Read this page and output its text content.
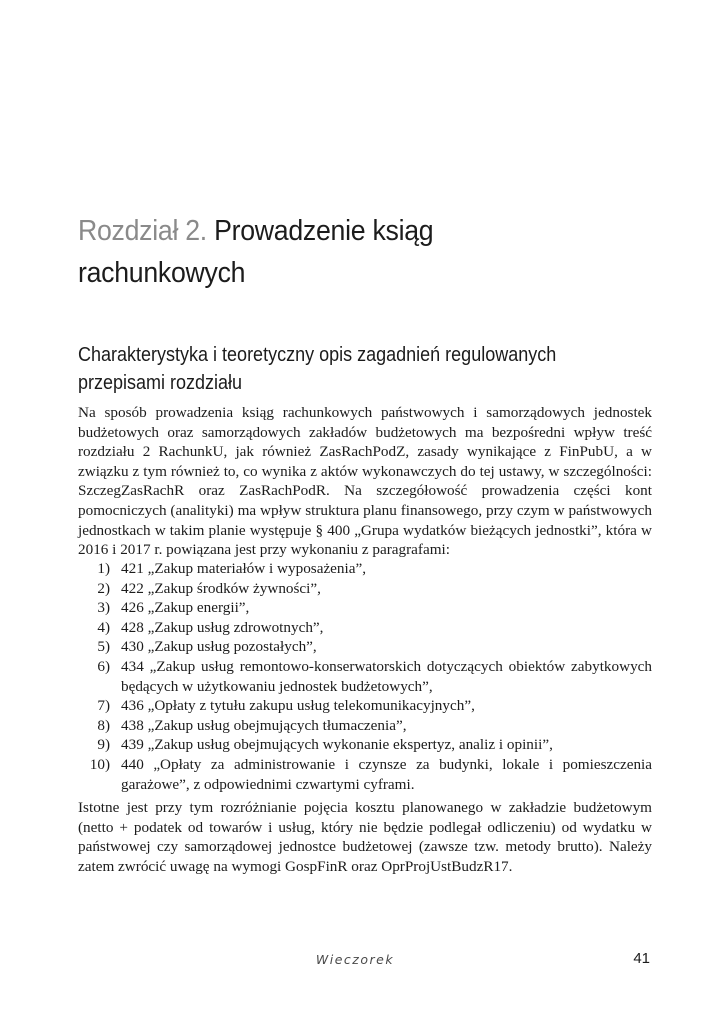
Rozdział 2. Prowadzenie ksiąg rachunkowych
Charakterystyka i teoretyczny opis zagadnień regulowanych przepisami rozdziału

Na sposób prowadzenia ksiąg rachunkowych państwowych i samorządowych jednostek budżetowych oraz samorządowych zakładów budżetowych ma bezpośredni wpływ treść rozdziału 2 RachunkU, jak również ZasRachPodZ, zasady wynikające z FinPubU, a w związku z tym również to, co wynika z aktów wykonawczych do tej ustawy, w szczególności: SzczegZasRachR oraz ZasRachPodR. Na szczegółowość prowadzenia części kont pomocniczych (analityki) ma wpływ struktura planu finansowego, przy czym w państwowych jednostkach w takim planie występuje § 400 „Grupa wydatków bieżących jednostki”, która w 2016 i 2017 r. powiązana jest przy wykonaniu z paragrafami:

1) 421 „Zakup materiałów i wyposażenia”,
2) 422 „Zakup środków żywności”,
3) 426 „Zakup energii”,
4) 428 „Zakup usług zdrowotnych”,
5) 430 „Zakup usług pozostałych”,
6) 434 „Zakup usług remontowo-konserwatorskich dotyczących obiektów zabytkowych będących w użytkowaniu jednostek budżetowych”,
7) 436 „Opłaty z tytułu zakupu usług telekomunikacyjnych”,
8) 438 „Zakup usług obejmujących tłumaczenia”,
9) 439 „Zakup usług obejmujących wykonanie ekspertyz, analiz i opinii”,
10) 440 „Opłaty za administrowanie i czynsze za budynki, lokale i pomieszczenia garażowe”, z odpowiednimi czwartymi cyframi.

Istotne jest przy tym rozróżnianie pojęcia kosztu planowanego w zakładzie budżetowym (netto + podatek od towarów i usług, który nie będzie podlegał odliczeniu) od wydatku w państwowej czy samorządowej jednostce budżetowej (zawsze tzw. metody brutto). Należy zatem zwrócić uwagę na wymogi GospFinR oraz OprProjUstBudzR17.

Wieczorek	41
